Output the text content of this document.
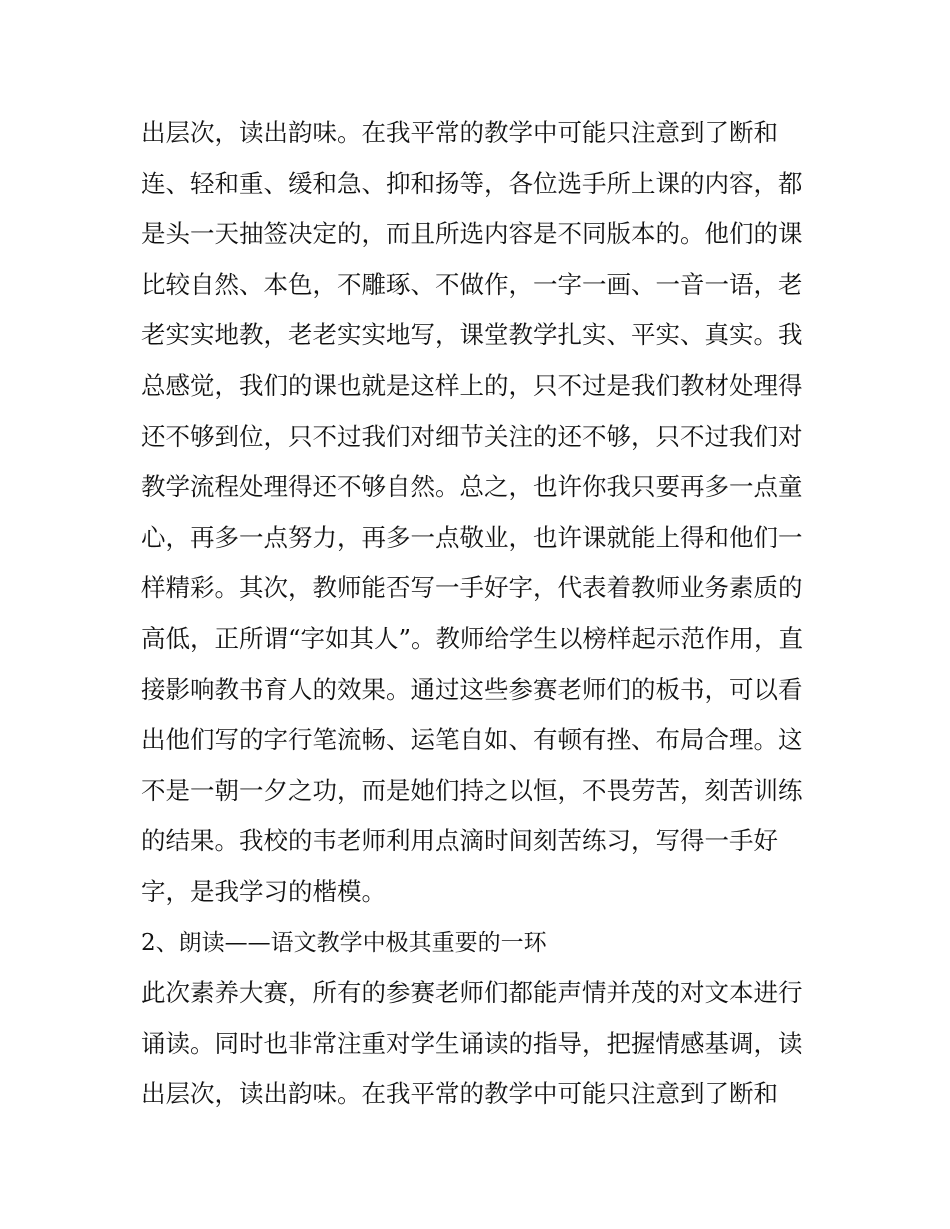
出层次，读出韵味。在我平常的教学中可能只注意到了断和
连、轻和重、缓和急、抑和扬等，各位选手所上课的内容，都
是头一天抽签决定的，而且所选内容是不同版本的。他们的课
比较自然、本色，不雕琢、不做作，一字一画、一音一语，老
老实实地教，老老实实地写，课堂教学扎实、平实、真实。我
总感觉，我们的课也就是这样上的，只不过是我们教材处理得
还不够到位，只不过我们对细节关注的还不够，只不过我们对
教学流程处理得还不够自然。总之，也许你我只要再多一点童
心，再多一点努力，再多一点敬业，也许课就能上得和他们一
样精彩。其次，教师能否写一手好字，代表着教师业务素质的
高低，正所谓“字如其人”。教师给学生以榜样起示范作用，直
接影响教书育人的效果。通过这些参赛老师们的板书，可以看
出他们写的字行笔流畅、运笔自如、有顿有挫、布局合理。这
不是一朝一夕之功，而是她们持之以恒，不畏劳苦，刻苦训练
的结果。我校的韦老师利用点滴时间刻苦练习，写得一手好
字，是我学习的楷模。
2、朗读——语文教学中极其重要的一环
此次素养大赛，所有的参赛老师们都能声情并茂的对文本进行
诵读。同时也非常注重对学生诵读的指导，把握情感基调，读
出层次，读出韵味。在我平常的教学中可能只注意到了断和
